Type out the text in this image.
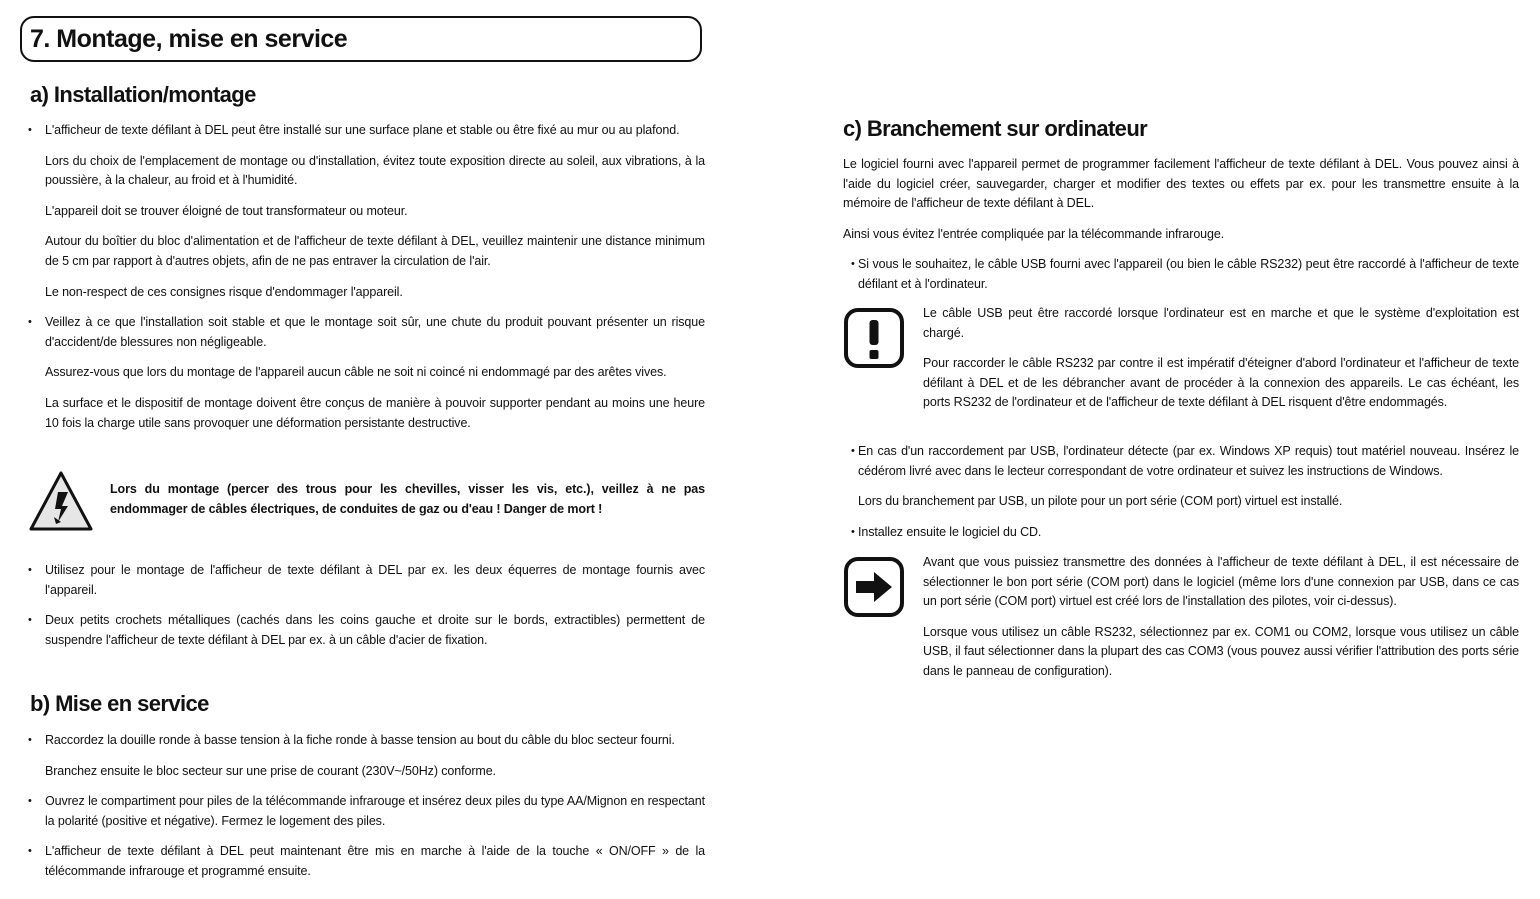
7. Montage, mise en service
a) Installation/montage
• L'afficheur de texte défilant à DEL peut être installé sur une surface plane et stable ou être fixé au mur ou au plafond.
Lors du choix de l'emplacement de montage ou d'installation, évitez toute exposition directe au soleil, aux vibrations, à la poussière, à la chaleur, au froid et à l'humidité.
L'appareil doit se trouver éloigné de tout transformateur ou moteur.
Autour du boîtier du bloc d'alimentation et de l'afficheur de texte défilant à DEL, veuillez maintenir une distance minimum de 5 cm par rapport à d'autres objets, afin de ne pas entraver la circulation de l'air.
Le non-respect de ces consignes risque d'endommager l'appareil.
• Veillez à ce que l'installation soit stable et que le montage soit sûr, une chute du produit pouvant présenter un risque d'accident/de blessures non négligeable.
Assurez-vous que lors du montage de l'appareil aucun câble ne soit ni coincé ni endommagé par des arêtes vives.
La surface et le dispositif de montage doivent être conçus de manière à pouvoir supporter pendant au moins une heure 10 fois la charge utile sans provoquer une déformation persistante destructive.
Lors du montage (percer des trous pour les chevilles, visser les vis, etc.), veillez à ne pas endommager de câbles électriques, de conduites de gaz ou d'eau ! Danger de mort !
• Utilisez pour le montage de l'afficheur de texte défilant à DEL par ex. les deux équerres de montage fournis avec l'appareil.
• Deux petits crochets métalliques (cachés dans les coins gauche et droite sur le bords, extractibles) permettent de suspendre l'afficheur de texte défilant à DEL par ex. à un câble d'acier de fixation.
b) Mise en service
• Raccordez la douille ronde à basse tension à la fiche ronde à basse tension au bout du câble du bloc secteur fourni.
Branchez ensuite le bloc secteur sur une prise de courant (230V~/50Hz) conforme.
• Ouvrez le compartiment pour piles de la télécommande infrarouge et insérez deux piles du type AA/Mignon en respectant la polarité (positive et négative). Fermez le logement des piles.
• L'afficheur de texte défilant à DEL peut maintenant être mis en marche à l'aide de la touche « ON/OFF » de la télécommande infrarouge et programmé ensuite.
c) Branchement sur ordinateur
Le logiciel fourni avec l'appareil permet de programmer facilement l'afficheur de texte défilant à DEL. Vous pouvez ainsi à l'aide du logiciel créer, sauvegarder, charger et modifier des textes ou effets par ex. pour les transmettre ensuite à la mémoire de l'afficheur de texte défilant à DEL.
Ainsi vous évitez l'entrée compliquée par la télécommande infrarouge.
• Si vous le souhaitez, le câble USB fourni avec l'appareil (ou bien le câble RS232) peut être raccordé à l'afficheur de texte défilant et à l'ordinateur.
Le câble USB peut être raccordé lorsque l'ordinateur est en marche et que le système d'exploitation est chargé.
Pour raccorder le câble RS232 par contre il est impératif d'éteigner d'abord l'ordinateur et l'afficheur de texte défilant à DEL et de les débrancher avant de procéder à la connexion des appareils. Le cas échéant, les ports RS232 de l'ordinateur et de l'afficheur de texte défilant à DEL risquent d'être endommagés.
• En cas d'un raccordement par USB, l'ordinateur détecte (par ex. Windows XP requis) tout matériel nouveau. Insérez le cédérom livré avec dans le lecteur correspondant de votre ordinateur et suivez les instructions de Windows.
Lors du branchement par USB, un pilote pour un port série (COM port) virtuel est installé.
• Installez ensuite le logiciel du CD.
Avant que vous puissiez transmettre des données à l'afficheur de texte défilant à DEL, il est nécessaire de sélectionner le bon port série (COM port) dans le logiciel (même lors d'une connexion par USB, dans ce cas un port série (COM port) virtuel est créé lors de l'installation des pilotes, voir ci-dessus).
Lorsque vous utilisez un câble RS232, sélectionnez par ex. COM1 ou COM2, lorsque vous utilisez un câble USB, il faut sélectionner dans la plupart des cas COM3 (vous pouvez aussi vérifier l'attribution des ports série dans le panneau de configuration).
